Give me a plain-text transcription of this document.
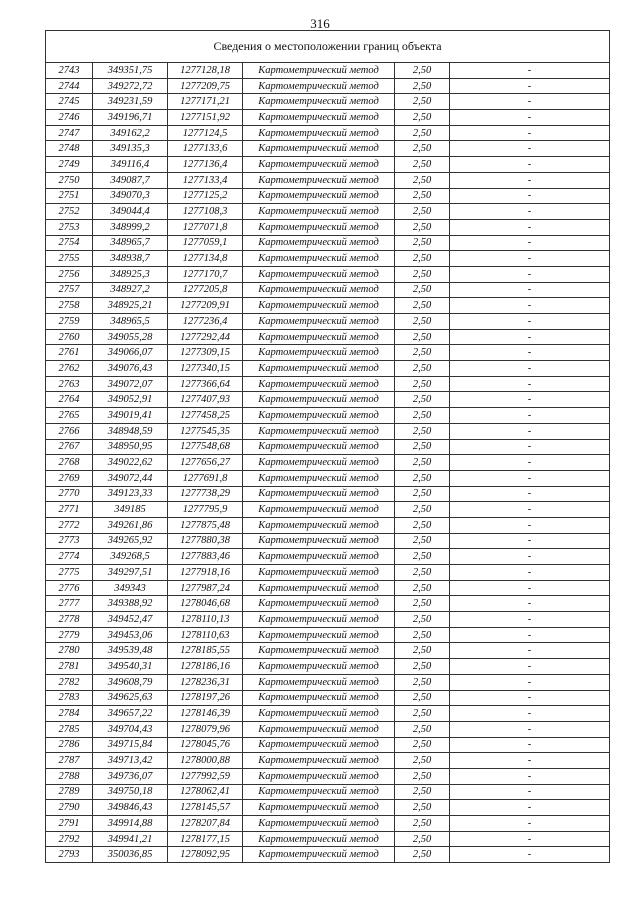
316
Сведения о местоположении границ объекта					
2743	349351,75	1277128,18	Картометрический метод	2,50	-
2744	349272,72	1277209,75	Картометрический метод	2,50	-
2745	349231,59	1277171,21	Картометрический метод	2,50	-
2746	349196,71	1277151,92	Картометрический метод	2,50	-
2747	349162,2	1277124,5	Картометрический метод	2,50	-
2748	349135,3	1277133,6	Картометрический метод	2,50	-
2749	349116,4	1277136,4	Картометрический метод	2,50	-
2750	349087,7	1277133,4	Картометрический метод	2,50	-
2751	349070,3	1277125,2	Картометрический метод	2,50	-
2752	349044,4	1277108,3	Картометрический метод	2,50	-
2753	348999,2	1277071,8	Картометрический метод	2,50	-
2754	348965,7	1277059,1	Картометрический метод	2,50	-
2755	348938,7	1277134,8	Картометрический метод	2,50	-
2756	348925,3	1277170,7	Картометрический метод	2,50	-
2757	348927,2	1277205,8	Картометрический метод	2,50	-
2758	348925,21	1277209,91	Картометрический метод	2,50	-
2759	348965,5	1277236,4	Картометрический метод	2,50	-
2760	349055,28	1277292,44	Картометрический метод	2,50	-
2761	349066,07	1277309,15	Картометрический метод	2,50	-
2762	349076,43	1277340,15	Картометрический метод	2,50	-
2763	349072,07	1277366,64	Картометрический метод	2,50	-
2764	349052,91	1277407,93	Картометрический метод	2,50	-
2765	349019,41	1277458,25	Картометрический метод	2,50	-
2766	348948,59	1277545,35	Картометрический метод	2,50	-
2767	348950,95	1277548,68	Картометрический метод	2,50	-
2768	349022,62	1277656,27	Картометрический метод	2,50	-
2769	349072,44	1277691,8	Картометрический метод	2,50	-
2770	349123,33	1277738,29	Картометрический метод	2,50	-
2771	349185	1277795,9	Картометрический метод	2,50	-
2772	349261,86	1277875,48	Картометрический метод	2,50	-
2773	349265,92	1277880,38	Картометрический метод	2,50	-
2774	349268,5	1277883,46	Картометрический метод	2,50	-
2775	349297,51	1277918,16	Картометрический метод	2,50	-
2776	349343	1277987,24	Картометрический метод	2,50	-
2777	349388,92	1278046,68	Картометрический метод	2,50	-
2778	349452,47	1278110,13	Картометрический метод	2,50	-
2779	349453,06	1278110,63	Картометрический метод	2,50	-
2780	349539,48	1278185,55	Картометрический метод	2,50	-
2781	349540,31	1278186,16	Картометрический метод	2,50	-
2782	349608,79	1278236,31	Картометрический метод	2,50	-
2783	349625,63	1278197,26	Картометрический метод	2,50	-
2784	349657,22	1278146,39	Картометрический метод	2,50	-
2785	349704,43	1278079,96	Картометрический метод	2,50	-
2786	349715,84	1278045,76	Картометрический метод	2,50	-
2787	349713,42	1278000,88	Картометрический метод	2,50	-
2788	349736,07	1277992,59	Картометрический метод	2,50	-
2789	349750,18	1278062,41	Картометрический метод	2,50	-
2790	349846,43	1278145,57	Картометрический метод	2,50	-
2791	349914,88	1278207,84	Картометрический метод	2,50	-
2792	349941,21	1278177,15	Картометрический метод	2,50	-
2793	350036,85	1278092,95	Картометрический метод	2,50	-
